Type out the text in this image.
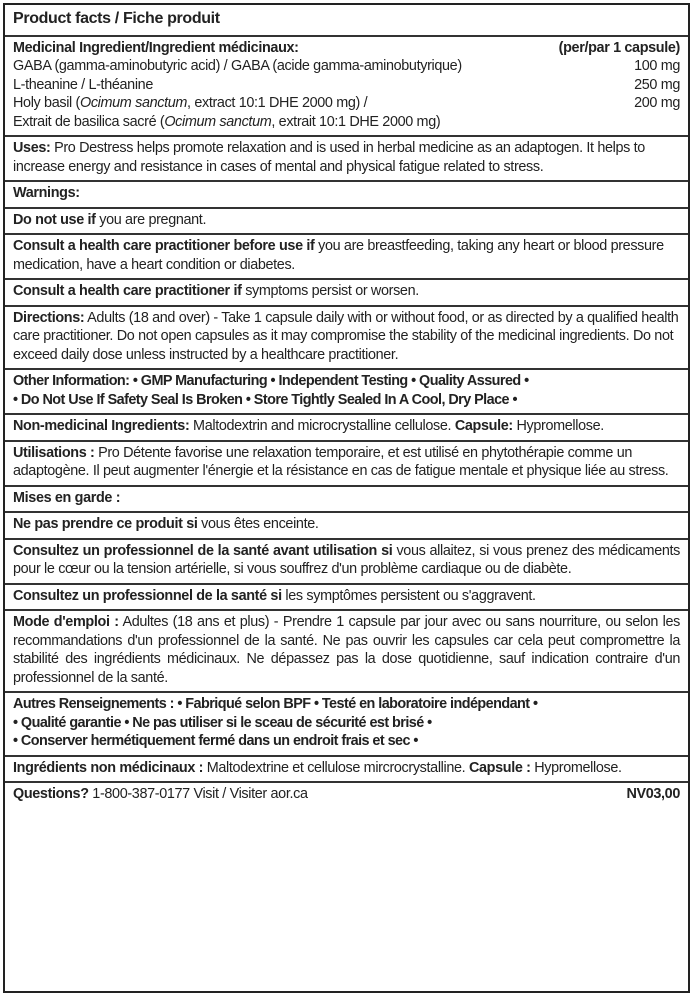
Product facts / Fiche produit
Medicinal Ingredient/Ingredient médicinaux:	(per/par 1 capsule)
GABA (gamma-aminobutyric acid) / GABA (acide gamma-aminobutyrique)	100 mg
L-theanine / L-théanine	250 mg
Holy basil (Ocimum sanctum, extract 10:1 DHE 2000 mg) /	200 mg
Extrait de basilica sacré (Ocimum sanctum, extrait 10:1 DHE 2000 mg)
Uses: Pro Destress helps promote relaxation and is used in herbal medicine as an adaptogen. It helps to increase energy and resistance in cases of mental and physical fatigue related to stress.
Warnings:
Do not use if you are pregnant.
Consult a health care practitioner before use if you are breastfeeding, taking any heart or blood pressure medication, have a heart condition or diabetes.
Consult a health care practitioner if symptoms persist or worsen.
Directions: Adults (18 and over) - Take 1 capsule daily with or without food, or as directed by a qualified health care practitioner. Do not open capsules as it may compromise the stability of the medicinal ingredients. Do not exceed daily dose unless instructed by a healthcare practitioner.
Other Information: • GMP Manufacturing • Independent Testing • Quality Assured •
• Do Not Use If Safety Seal Is Broken • Store Tightly Sealed In A Cool, Dry Place •
Non-medicinal Ingredients: Maltodextrin and microcrystalline cellulose. Capsule: Hypromellose.
Utilisations : Pro Détente favorise une relaxation temporaire, et est utilisé en phytothérapie comme un adaptogène. Il peut augmenter l'énergie et la résistance en cas de fatigue mentale et physique liée au stress.
Mises en garde :
Ne pas prendre ce produit si vous êtes enceinte.
Consultez un professionnel de la santé avant utilisation si vous allaitez, si vous prenez des médicaments pour le cœur ou la tension artérielle, si vous souffrez d'un problème cardiaque ou de diabète.
Consultez un professionnel de la santé si les symptômes persistent ou s'aggravent.
Mode d'emploi : Adultes (18 ans et plus) - Prendre 1 capsule par jour avec ou sans nourriture, ou selon les recommandations d'un professionnel de la santé. Ne pas ouvrir les capsules car cela peut compromettre la stabilité des ingrédients médicinaux. Ne dépassez pas la dose quotidienne, sauf indication contraire d'un professionnel de la santé.
Autres Renseignements : • Fabriqué selon BPF • Testé en laboratoire indépendant •
• Qualité garantie • Ne pas utiliser si le sceau de sécurité est brisé •
• Conserver hermétiquement fermé dans un endroit frais et sec •
Ingrédients non médicinaux : Maltodextrine et cellulose mircrocrystalline. Capsule : Hypromellose.
Questions? 1-800-387-0177 Visit / Visiter aor.ca	NV03,00
